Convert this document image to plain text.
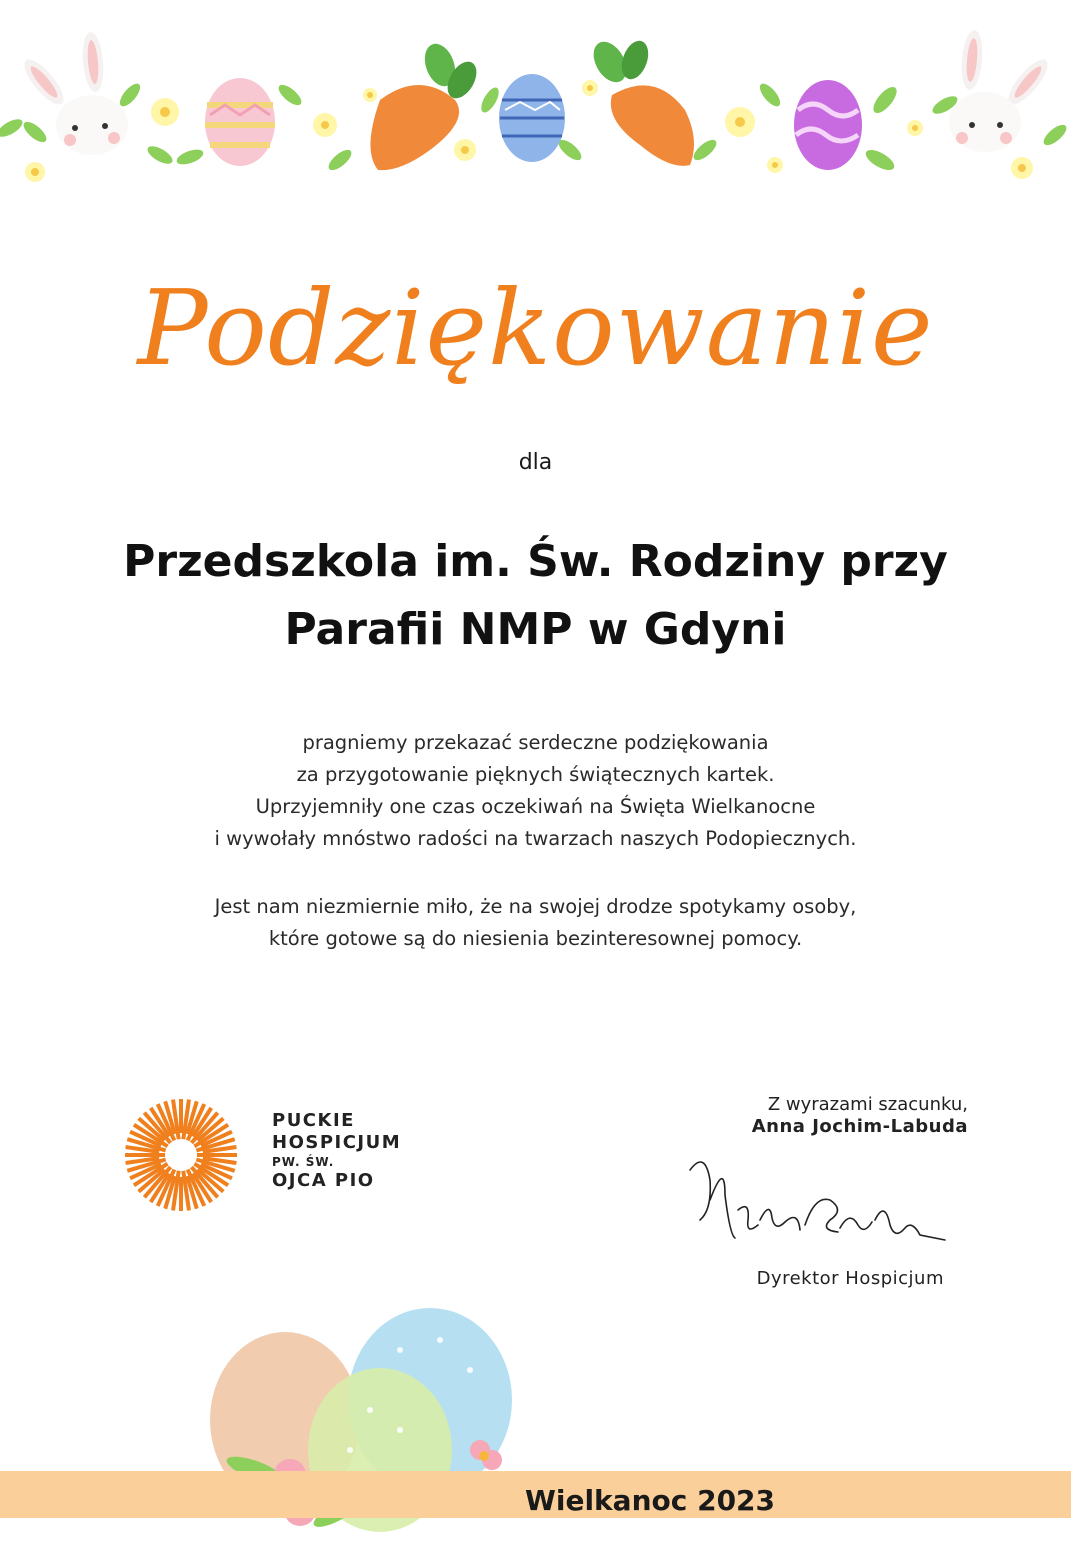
Podziękowanie
dla
Przedszkola im. Św. Rodziny przy
Parafii NMP w Gdyni
pragniemy przekazać serdeczne podziękowania
za przygotowanie pięknych świątecznych kartek.
Uprzyjemniły one czas oczekiwań na Święta Wielkanocne
i wywołały mnóstwo radości na twarzach naszych Podopiecznych.
Jest nam niezmiernie miło, że na swojej drodze spotykamy osoby,
które gotowe są do niesienia bezinteresownej pomocy.
PUCKIE
HOSPICJUM
PW. ŚW.
OJCA PIO
Z wyrazami szacunku,
Anna Jochim-Labuda
Dyrektor Hospicjum
Wielkanoc 2023
